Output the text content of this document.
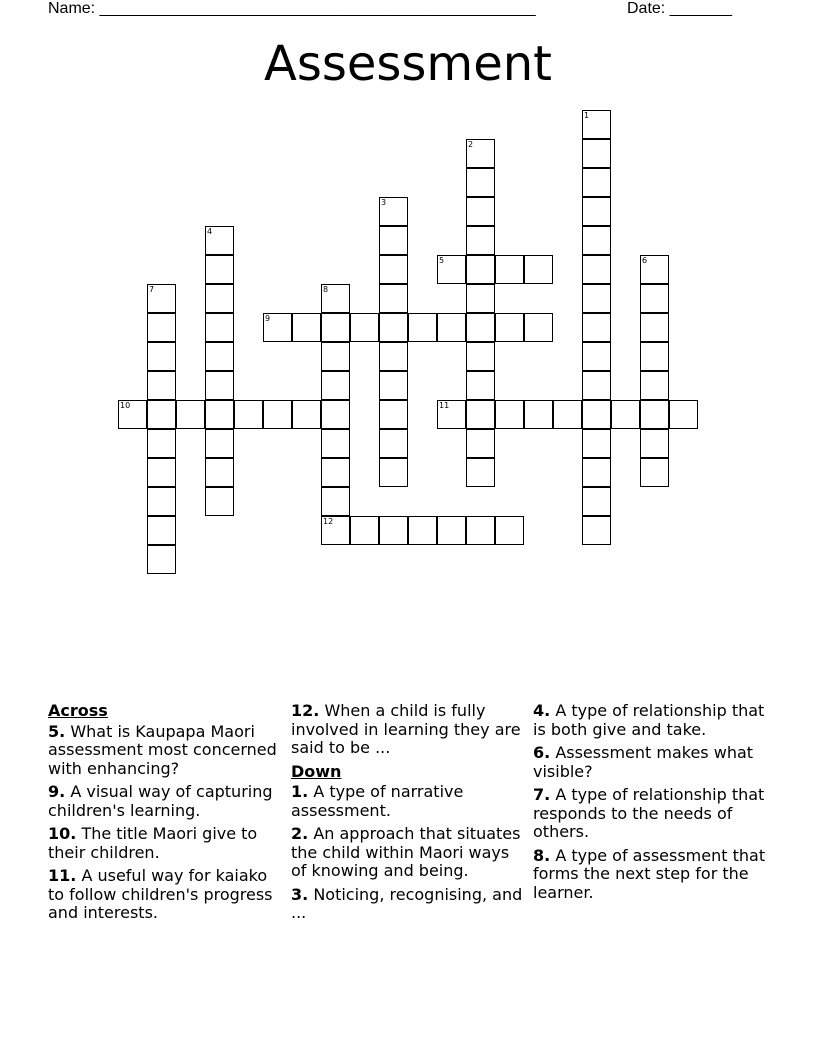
Name: _________________________________________________	Date: _______
Assessment
1
2
3
4
5	6
7	8
12
9
10	11
Across
5. What is Kaupapa Maori assessment most concerned with enhancing?
9. A visual way of capturing children's learning.
10. The title Maori give to their children.
11. A useful way for kaiako to follow children's progress and interests.
12. When a child is fully involved in learning they are said to be ...
Down
1. A type of narrative assessment.
2. An approach that situates the child within Maori ways of knowing and being.
3. Noticing, recognising, and ...
4. A type of relationship that is both give and take.
6. Assessment makes what visible?
7. A type of relationship that responds to the needs of others.
8. A type of assessment that forms the next step for the learner.
